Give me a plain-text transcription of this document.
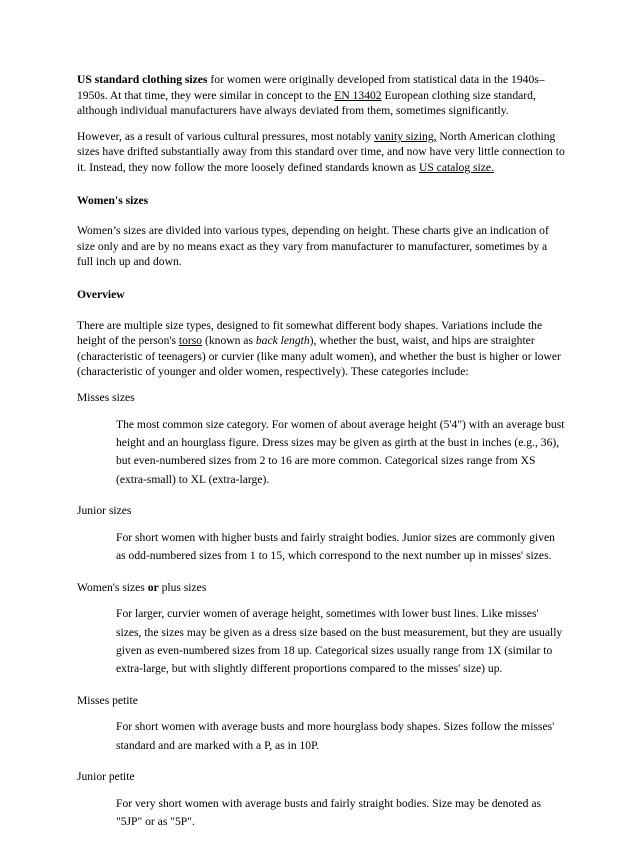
US standard clothing sizes for women were originally developed from statistical data in the 1940s–1950s. At that time, they were similar in concept to the EN 13402 European clothing size standard, although individual manufacturers have always deviated from them, sometimes significantly.

However, as a result of various cultural pressures, most notably vanity sizing, North American clothing sizes have drifted substantially away from this standard over time, and now have very little connection to it. Instead, they now follow the more loosely defined standards known as US catalog size.

Women's sizes

Women’s sizes are divided into various types, depending on height. These charts give an indication of size only and are by no means exact as they vary from manufacturer to manufacturer, sometimes by a full inch up and down.

Overview

There are multiple size types, designed to fit somewhat different body shapes. Variations include the height of the person's torso (known as back length), whether the bust, waist, and hips are straighter (characteristic of teenagers) or curvier (like many adult women), and whether the bust is higher or lower (characteristic of younger and older women, respectively). These categories include:

Misses sizes
The most common size category. For women of about average height (5'4") with an average bust height and an hourglass figure. Dress sizes may be given as girth at the bust in inches (e.g., 36), but even-numbered sizes from 2 to 16 are more common. Categorical sizes range from XS (extra-small) to XL (extra-large).
Junior sizes
For short women with higher busts and fairly straight bodies. Junior sizes are commonly given as odd-numbered sizes from 1 to 15, which correspond to the next number up in misses' sizes.
Women's sizes or plus sizes
For larger, curvier women of average height, sometimes with lower bust lines. Like misses' sizes, the sizes may be given as a dress size based on the bust measurement, but they are usually given as even-numbered sizes from 18 up. Categorical sizes usually range from 1X (similar to extra-large, but with slightly different proportions compared to the misses' size) up.
Misses petite
For short women with average busts and more hourglass body shapes. Sizes follow the misses' standard and are marked with a P, as in 10P.
Junior petite
For very short women with average busts and fairly straight bodies. Size may be denoted as "5JP" or as "5P".
